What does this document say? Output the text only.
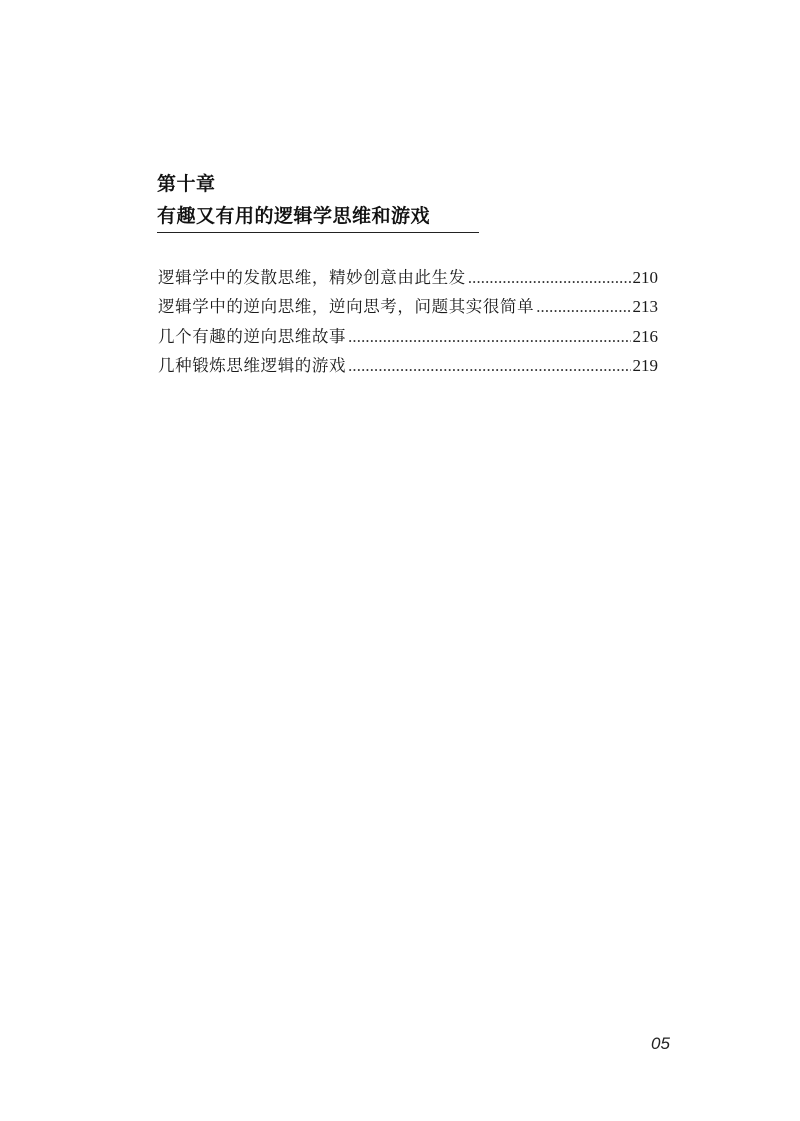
第十章
有趣又有用的逻辑学思维和游戏
逻辑学中的发散思维，精妙创意由此生发 .....	210
逻辑学中的逆向思维，逆向思考，问题其实很简单 .....	213
几个有趣的逆向思维故事 .....	216
几种锻炼思维逻辑的游戏 .....	219
05
